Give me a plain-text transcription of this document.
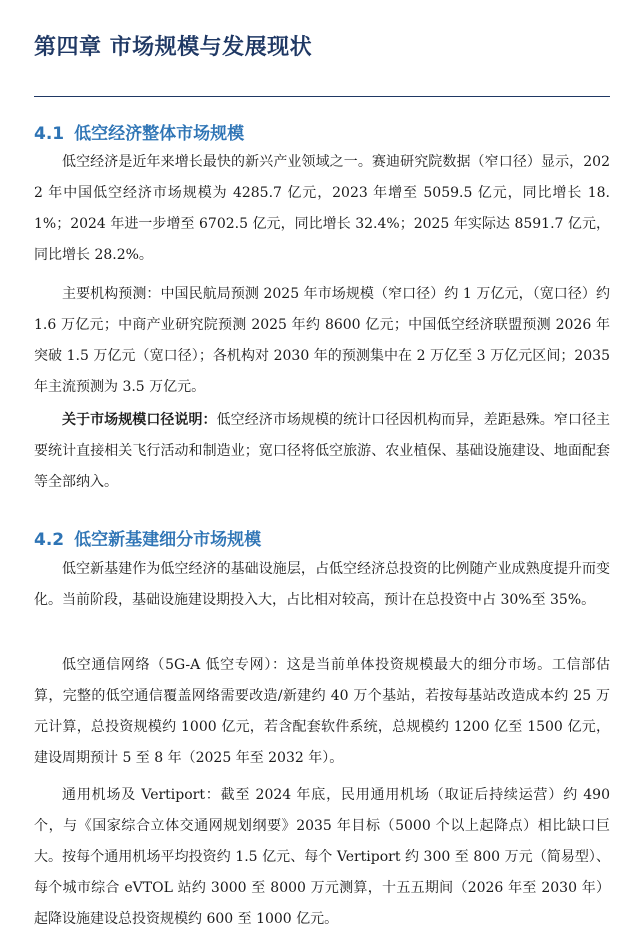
第四章 市场规模与发展现状
4.1 低空经济整体市场规模

低空经济是近年来增长最快的新兴产业领域之一。赛迪研究院数据（窄口径）显示，2022 年中国低空经济市场规模为 4285.7 亿元，2023 年增至 5059.5 亿元，同比增长 18.1%；2024 年进一步增至 6702.5 亿元，同比增长 32.4%；2025 年实际达 8591.7 亿元，同比增长 28.2%。

主要机构预测：中国民航局预测 2025 年市场规模（窄口径）约 1 万亿元，（宽口径）约 1.6 万亿元；中商产业研究院预测 2025 年约 8600 亿元；中国低空经济联盟预测 2026 年突破 1.5 万亿元（宽口径）；各机构对 2030 年的预测集中在 2 万亿至 3 万亿元区间；2035 年主流预测为 3.5 万亿元。

关于市场规模口径说明：低空经济市场规模的统计口径因机构而异，差距悬殊。窄口径主要统计直接相关飞行活动和制造业；宽口径将低空旅游、农业植保、基础设施建设、地面配套等全部纳入。

4.2 低空新基建细分市场规模

低空新基建作为低空经济的基础设施层，占低空经济总投资的比例随产业成熟度提升而变化。当前阶段，基础设施建设期投入大，占比相对较高，预计在总投资中占 30%至 35%。

低空通信网络（5G-A 低空专网）：这是当前单体投资规模最大的细分市场。工信部估算，完整的低空通信覆盖网络需要改造/新建约 40 万个基站，若按每基站改造成本约 25 万元计算，总投资规模约 1000 亿元，若含配套软件系统，总规模约 1200 亿至 1500 亿元，建设周期预计 5 至 8 年（2025 年至 2032 年）。

通用机场及 Vertiport：截至 2024 年底，民用通用机场（取证后持续运营）约 490 个，与《国家综合立体交通网规划纲要》2035 年目标（5000 个以上起降点）相比缺口巨大。按每个通用机场平均投资约 1.5 亿元、每个 Vertiport 约 300 至 800 万元（简易型）、每个城市综合 eVTOL 站约 3000 至 8000 万元测算，十五五期间（2026 年至 2030 年）起降设施建设总投资规模约 600 至 1000 亿元。
